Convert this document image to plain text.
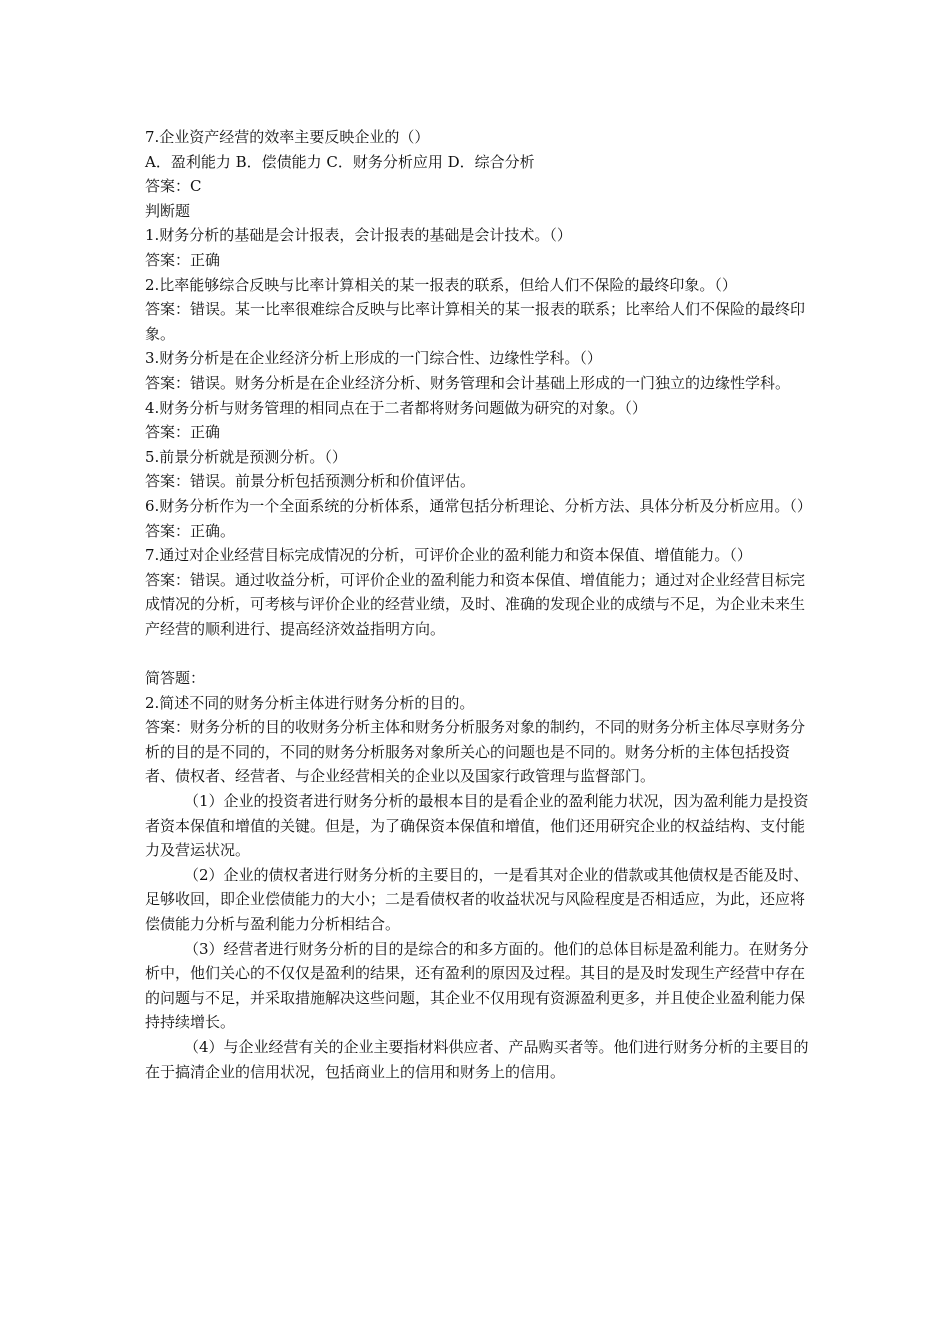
7.企业资产经营的效率主要反映企业的（）
A．盈利能力 B．偿债能力 C．财务分析应用 D．综合分析
答案：C
判断题
1.财务分析的基础是会计报表，会计报表的基础是会计技术。（）
答案：正确
2.比率能够综合反映与比率计算相关的某一报表的联系，但给人们不保险的最终印象。（）
答案：错误。某一比率很难综合反映与比率计算相关的某一报表的联系；比率给人们不保险的最终印象。
3.财务分析是在企业经济分析上形成的一门综合性、边缘性学科。（）
答案：错误。财务分析是在企业经济分析、财务管理和会计基础上形成的一门独立的边缘性学科。
4.财务分析与财务管理的相同点在于二者都将财务问题做为研究的对象。（）
答案：正确
5.前景分析就是预测分析。（）
答案：错误。前景分析包括预测分析和价值评估。
6.财务分析作为一个全面系统的分析体系，通常包括分析理论、分析方法、具体分析及分析应用。（）
答案：正确。
7.通过对企业经营目标完成情况的分析，可评价企业的盈利能力和资本保值、增值能力。（）
答案：错误。通过收益分析，可评价企业的盈利能力和资本保值、增值能力；通过对企业经营目标完成情况的分析，可考核与评价企业的经营业绩，及时、准确的发现企业的成绩与不足，为企业未来生产经营的顺利进行、提高经济效益指明方向。
简答题：
2.简述不同的财务分析主体进行财务分析的目的。
答案：财务分析的目的收财务分析主体和财务分析服务对象的制约，不同的财务分析主体尽享财务分析的目的是不同的，不同的财务分析服务对象所关心的问题也是不同的。财务分析的主体包括投资者、债权者、经营者、与企业经营相关的企业以及国家行政管理与监督部门。
（1）企业的投资者进行财务分析的最根本目的是看企业的盈利能力状况，因为盈利能力是投资者资本保值和增值的关键。但是，为了确保资本保值和增值，他们还用研究企业的权益结构、支付能力及营运状况。
（2）企业的债权者进行财务分析的主要目的，一是看其对企业的借款或其他债权是否能及时、足够收回，即企业偿债能力的大小；二是看债权者的收益状况与风险程度是否相适应，为此，还应将偿债能力分析与盈利能力分析相结合。
（3）经营者进行财务分析的目的是综合的和多方面的。他们的总体目标是盈利能力。在财务分析中，他们关心的不仅仅是盈利的结果，还有盈利的原因及过程。其目的是及时发现生产经营中存在的问题与不足，并采取措施解决这些问题，其企业不仅用现有资源盈利更多，并且使企业盈利能力保持持续增长。
（4）与企业经营有关的企业主要指材料供应者、产品购买者等。他们进行财务分析的主要目的在于搞清企业的信用状况，包括商业上的信用和财务上的信用。
